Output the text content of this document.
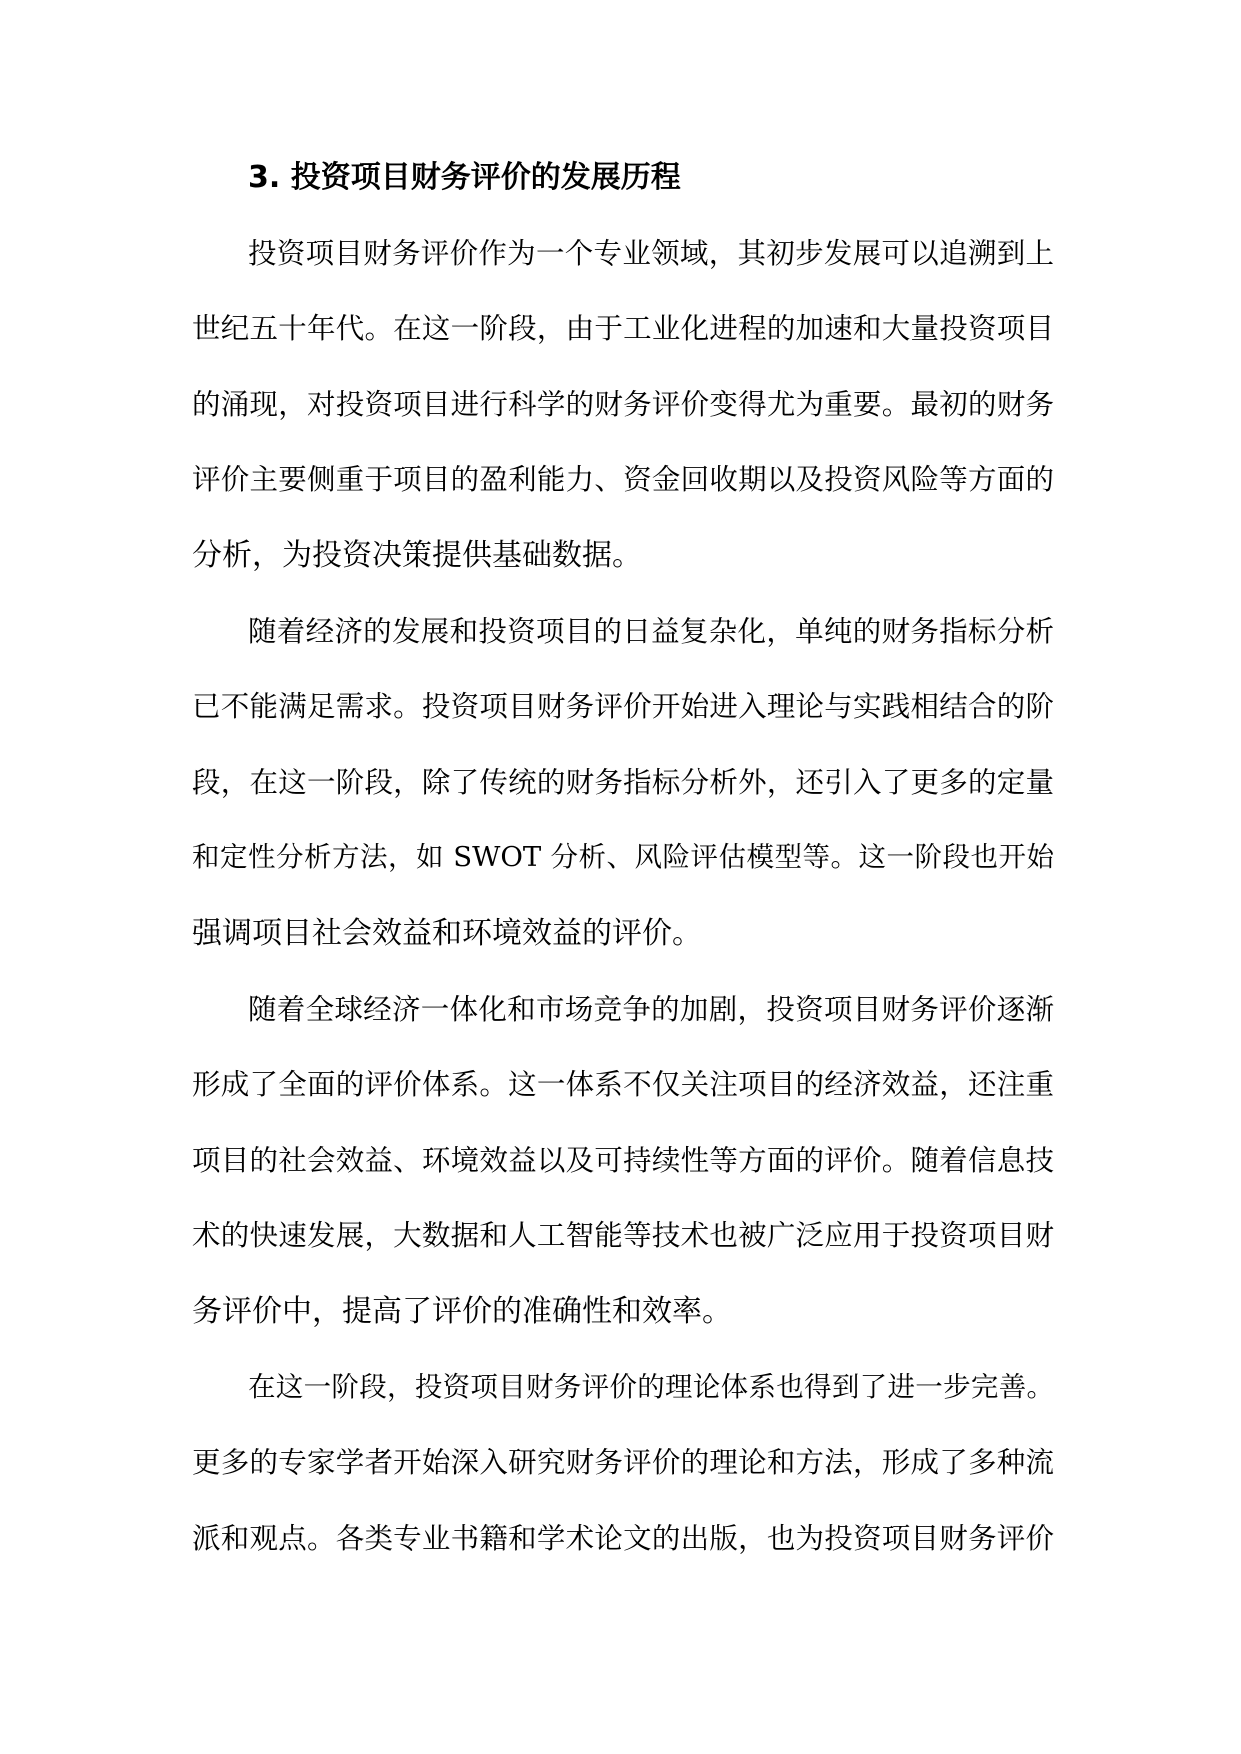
3. 投资项目财务评价的发展历程
投资项目财务评价作为一个专业领域，其初步发展可以追溯到上
世纪五十年代。在这一阶段，由于工业化进程的加速和大量投资项目
的涌现，对投资项目进行科学的财务评价变得尤为重要。最初的财务
评价主要侧重于项目的盈利能力、资金回收期以及投资风险等方面的
分析，为投资决策提供基础数据。
随着经济的发展和投资项目的日益复杂化，单纯的财务指标分析
已不能满足需求。投资项目财务评价开始进入理论与实践相结合的阶
段，在这一阶段，除了传统的财务指标分析外，还引入了更多的定量
和定性分析方法，如 SWOT 分析、风险评估模型等。这一阶段也开始
强调项目社会效益和环境效益的评价。
随着全球经济一体化和市场竞争的加剧，投资项目财务评价逐渐
形成了全面的评价体系。这一体系不仅关注项目的经济效益，还注重
项目的社会效益、环境效益以及可持续性等方面的评价。随着信息技
术的快速发展，大数据和人工智能等技术也被广泛应用于投资项目财
务评价中，提高了评价的准确性和效率。
在这一阶段，投资项目财务评价的理论体系也得到了进一步完善。
更多的专家学者开始深入研究财务评价的理论和方法，形成了多种流
派和观点。各类专业书籍和学术论文的出版，也为投资项目财务评价
